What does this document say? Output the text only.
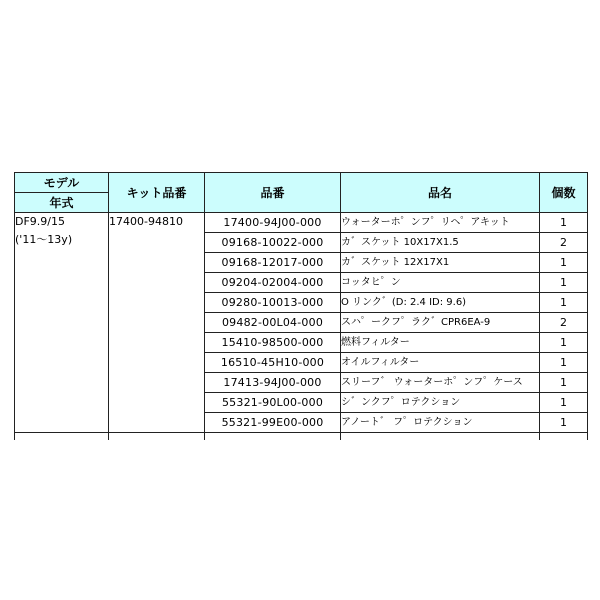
モデル	キット品番	品番	品名	個数
年式				

DF9.9/15
('11～13y)	17400-94810	17400-94J00-000	ウォーターホ゜ンフ゜リヘ゜アキット	1
		09168-10022-000	カ゛スケット 10X17X1.5	2
		09168-12017-000	カ゛スケット 12X17X1	1
		09204-02004-000	コッタヒ゜ン	1
		09280-10013-000	O リンク゛(D: 2.4 ID: 9.6)	1
		09482-00L04-000	スハ゜ークフ゜ラク゛CPR6EA-9	2
		15410-98500-000	燃料フィルター	1
		16510-45H10-000	オイルフィルター	1
		17413-94J00-000	スリーフ゛ ウォーターホ゜ンフ゜ケース	1
		55321-90L00-000	シ゛ンクフ゜ロテクション	1
		55321-99E00-000	アノート゛ フ゜ロテクション	1
